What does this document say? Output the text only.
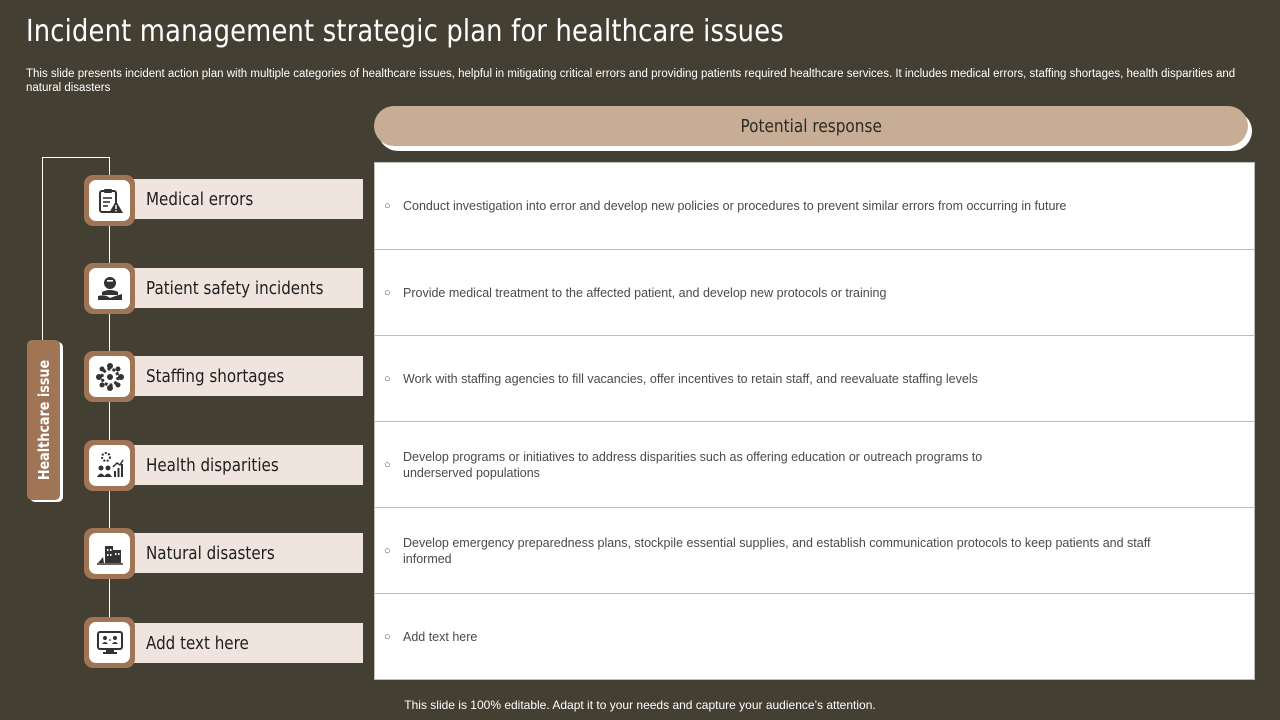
Incident management strategic plan for healthcare issues
This slide presents incident action plan with multiple categories of healthcare issues, helpful in mitigating critical errors and providing patients required healthcare services. It includes medical errors, staffing shortages, health disparities and natural disasters
Potential response
Healthcare issue
Medical errors
Patient safety incidents
Staffing shortages
Health disparities
Natural disasters
Add text here
○ Conduct investigation into error and develop new policies or procedures to prevent similar errors from occurring in future
○ Provide medical treatment to the affected patient, and develop new protocols or training
○ Work with staffing agencies to fill vacancies, offer incentives to retain staff, and reevaluate staffing levels
○
Develop programs or initiatives to address disparities such as offering education or outreach programs to underserved populations
○
Develop emergency preparedness plans, stockpile essential supplies, and establish communication protocols to keep patients and staff informed
○ Add text here
This slide is 100% editable. Adapt it to your needs and capture your audience’s attention.
